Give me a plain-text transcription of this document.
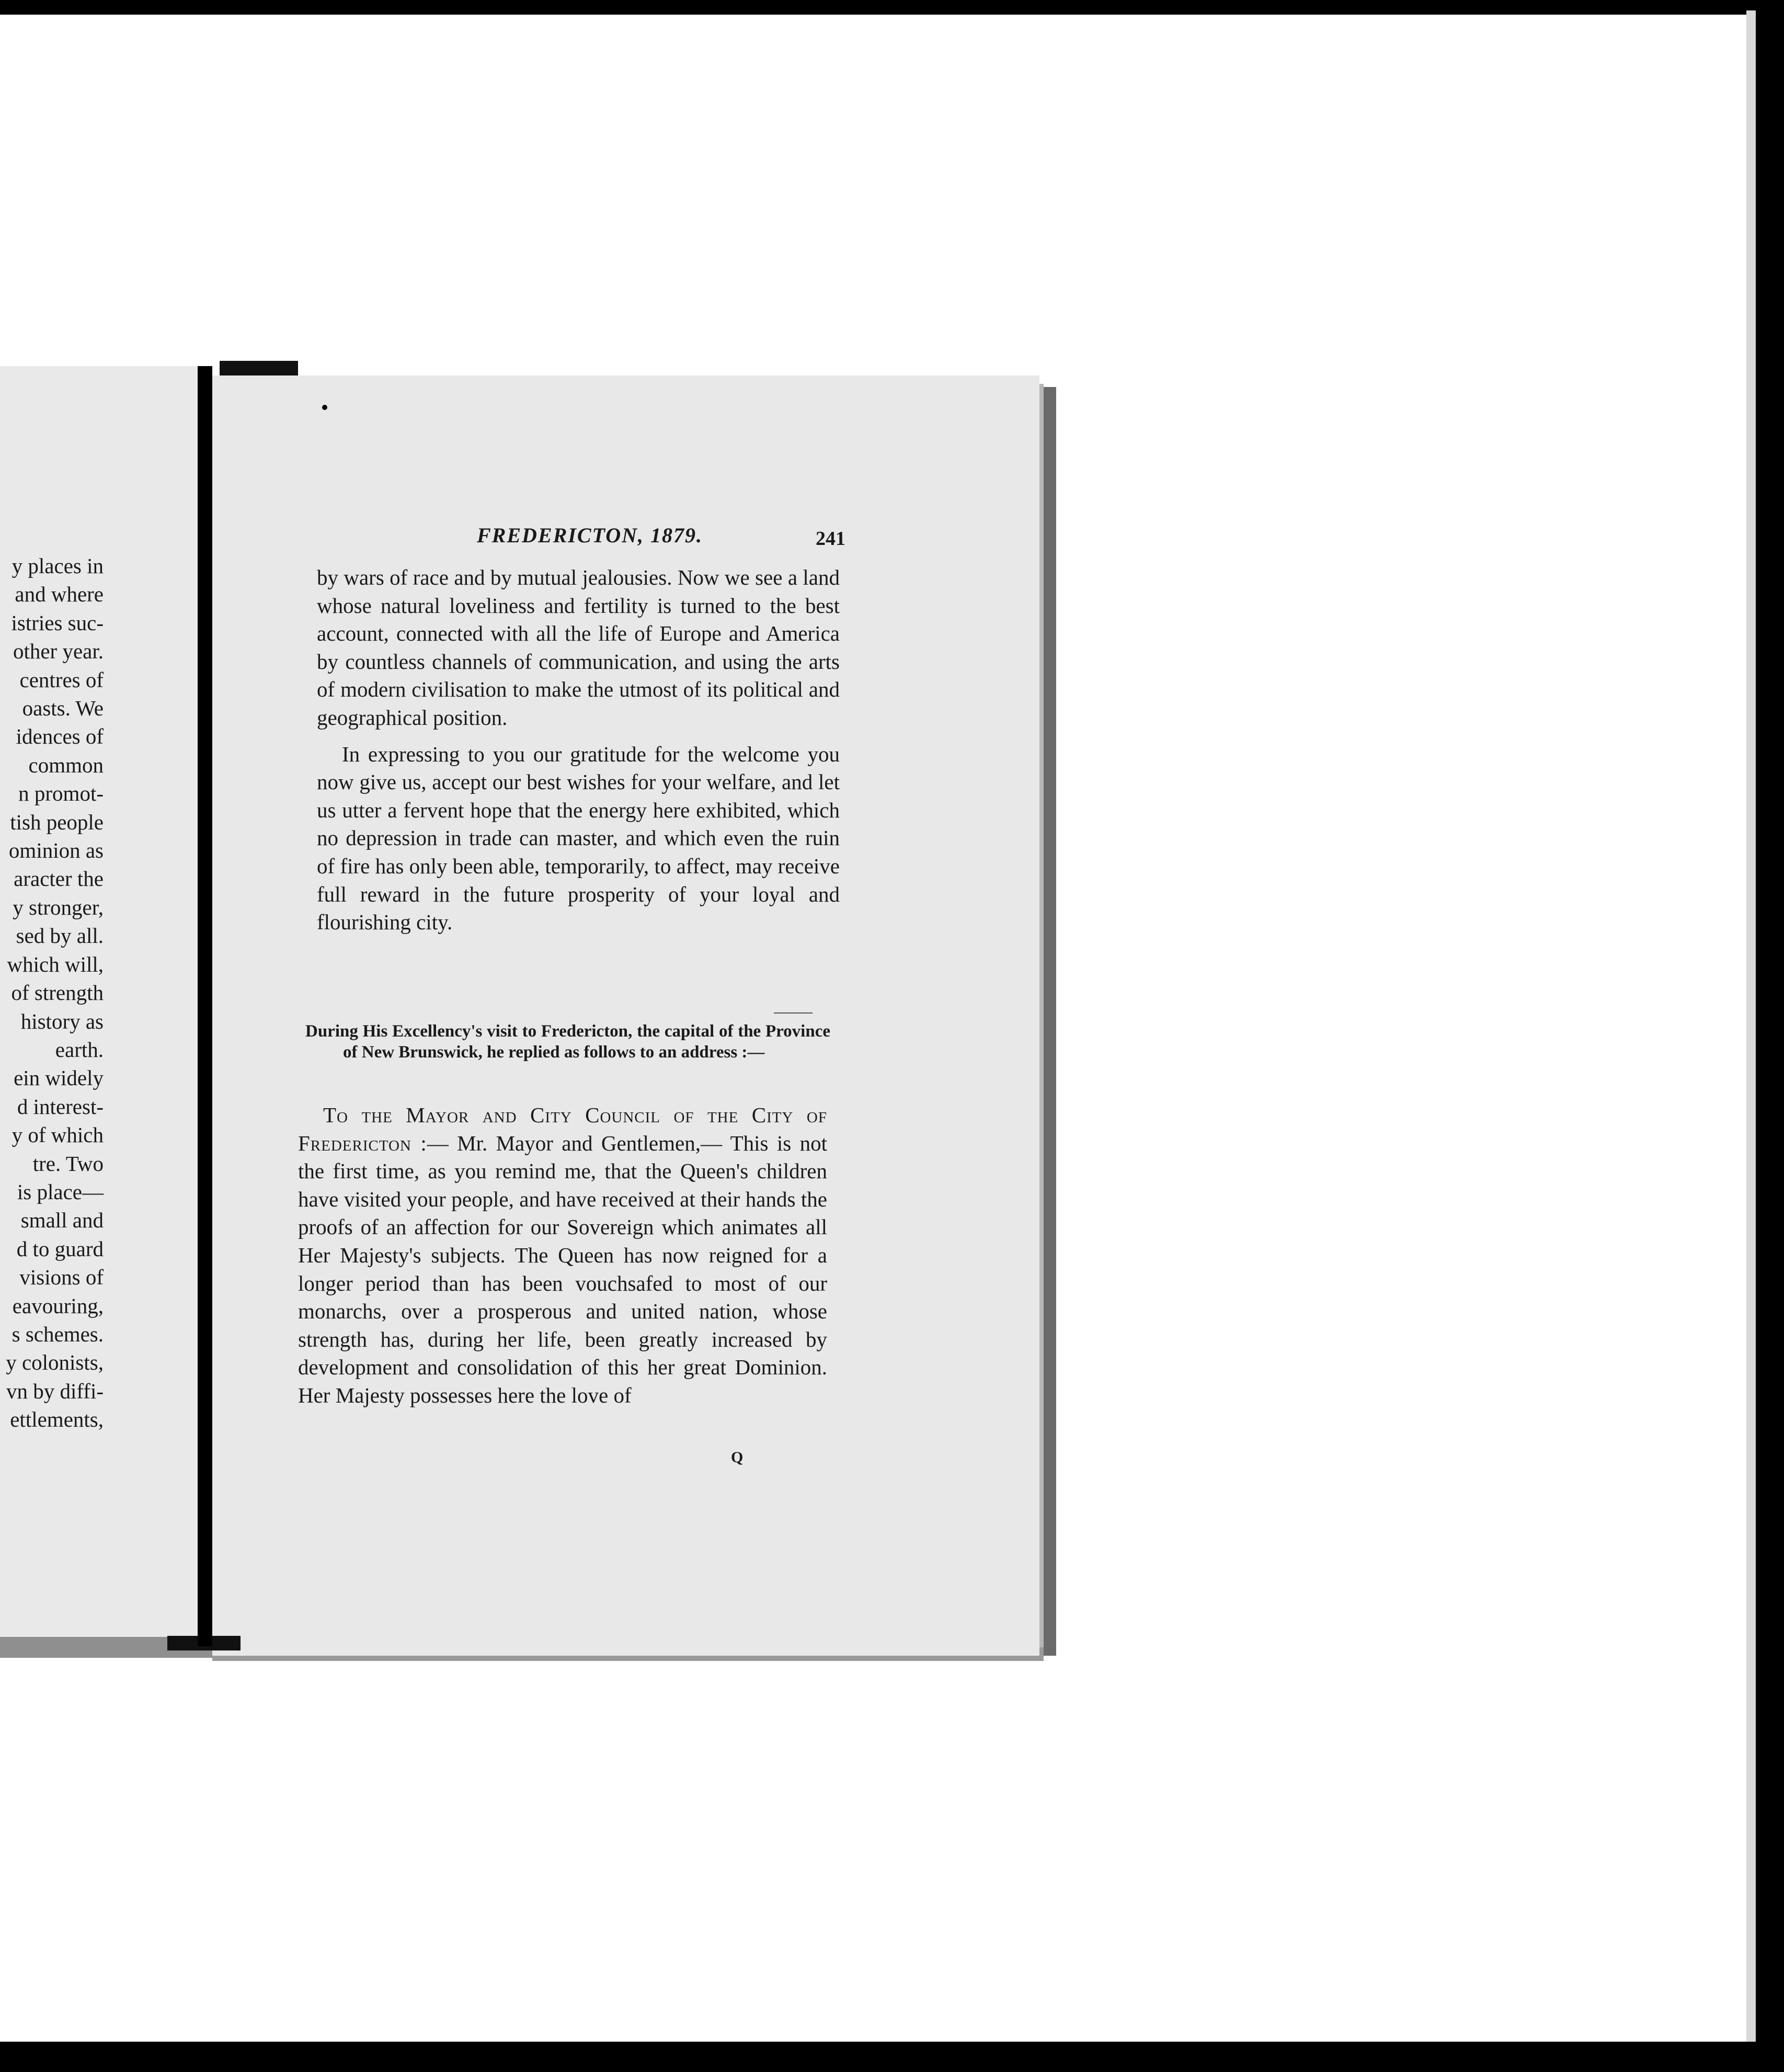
y places in
and where
istries suc-
other year.
centres of
oasts. We
idences of
common
n promot-
tish people
ominion as
aracter the
y stronger,
sed by all.
which will,
of strength
history as
earth.
ein widely
d interest-
y of which
tre. Two
is place—
small and
d to guard
visions of
eavouring,
s schemes.
y colonists,
vn by diffi-
ettlements,
FREDERICTON, 1879.	241

by wars of race and by mutual jealousies. Now we see a land whose natural loveliness and fertility is turned to the best account, connected with all the life of Europe and America by countless channels of communication, and using the arts of modern civilisation to make the utmost of its political and geographical position.

In expressing to you our gratitude for the welcome you now give us, accept our best wishes for your welfare, and let us utter a fervent hope that the energy here exhibited, which no depression in trade can master, and which even the ruin of fire has only been able, temporarily, to affect, may receive full reward in the future prosperity of your loyal and flourishing city.

During His Excellency's visit to Fredericton, the capital of the Province of New Brunswick, he replied as follows to an address :—

To the Mayor and City Council of the City of Fredericton :— Mr. Mayor and Gentlemen,— This is not the first time, as you remind me, that the Queen's children have visited your people, and have received at their hands the proofs of an affection for our Sovereign which animates all Her Majesty's subjects. The Queen has now reigned for a longer period than has been vouchsafed to most of our monarchs, over a prosperous and united nation, whose strength has, during her life, been greatly increased by development and consolidation of this her great Dominion. Her Majesty possesses here the love of

Q
